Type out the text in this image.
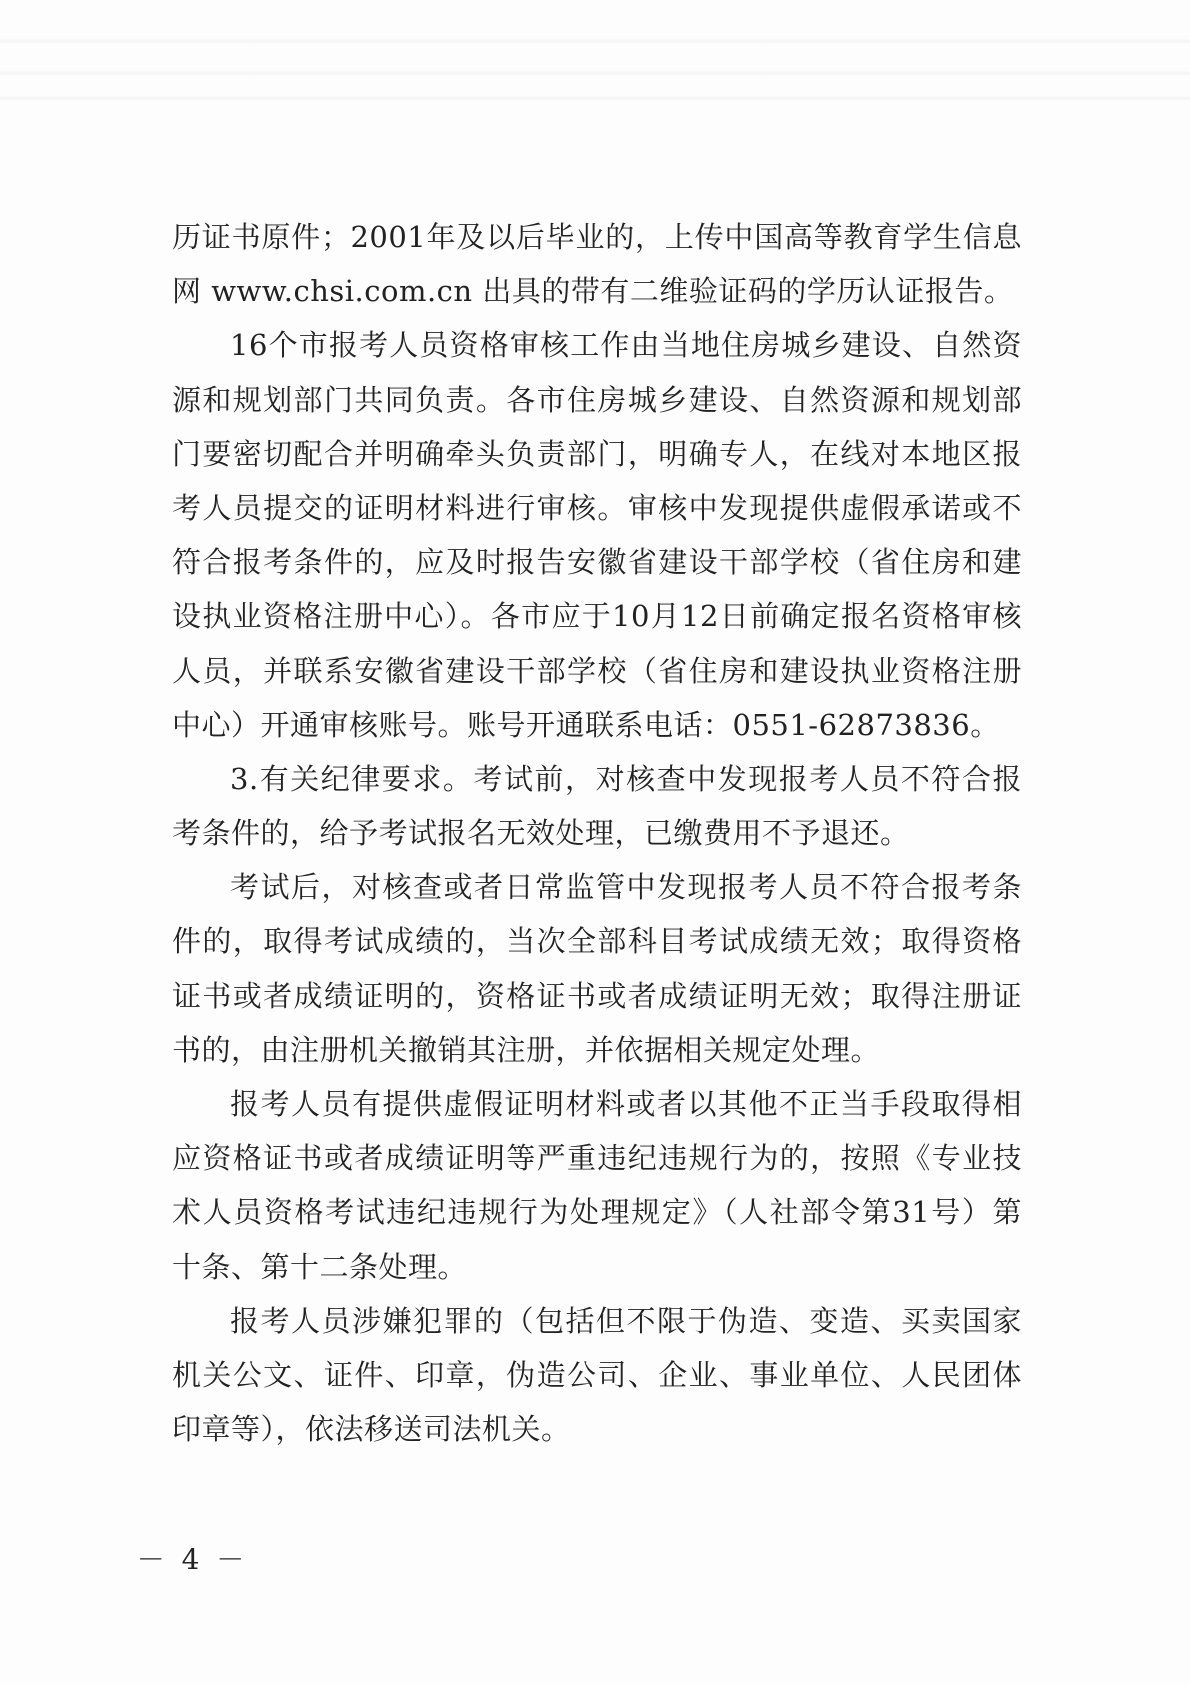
历证书原件；2001年及以后毕业的，上传中国高等教育学生信息
网 www.chsi.com.cn 出具的带有二维验证码的学历认证报告。
16个市报考人员资格审核工作由当地住房城乡建设、自然资
源和规划部门共同负责。各市住房城乡建设、自然资源和规划部
门要密切配合并明确牵头负责部门，明确专人，在线对本地区报
考人员提交的证明材料进行审核。审核中发现提供虚假承诺或不
符合报考条件的，应及时报告安徽省建设干部学校（省住房和建
设执业资格注册中心）。各市应于10月12日前确定报名资格审核
人员，并联系安徽省建设干部学校（省住房和建设执业资格注册
中心）开通审核账号。账号开通联系电话：0551-62873836。
3.有关纪律要求。考试前，对核查中发现报考人员不符合报
考条件的，给予考试报名无效处理，已缴费用不予退还。
考试后，对核查或者日常监管中发现报考人员不符合报考条
件的，取得考试成绩的，当次全部科目考试成绩无效；取得资格
证书或者成绩证明的，资格证书或者成绩证明无效；取得注册证
书的，由注册机关撤销其注册，并依据相关规定处理。
报考人员有提供虚假证明材料或者以其他不正当手段取得相
应资格证书或者成绩证明等严重违纪违规行为的，按照《专业技
术人员资格考试违纪违规行为处理规定》（人社部令第31号）第
十条、第十二条处理。
报考人员涉嫌犯罪的（包括但不限于伪造、变造、买卖国家
机关公文、证件、印章，伪造公司、企业、事业单位、人民团体
印章等），依法移送司法机关。
－ 4 －
